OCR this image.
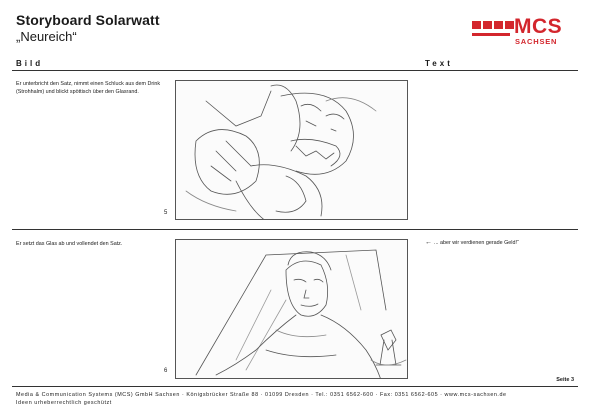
Storyboard Solarwatt
„Neureich“	MCS
SACHSEN
Bild	Text
Er unterbricht den Satz, nimmt einen Schluck aus dem Drink (Strohhalm) und blickt spöttisch über den Glasrand.
5
Er setzt das Glas ab und vollendet den Satz.
6
← ... aber wir verdienen gerade Geld!“
Seite 3
Media & Communication Systems (MCS) GmbH Sachsen · Königsbrücker Straße 88 · 01099 Dresden · Tel.: 0351 6562-600 · Fax: 0351 6562-605 · www.mcs-sachsen.de
Ideen urheberrechtlich geschützt
